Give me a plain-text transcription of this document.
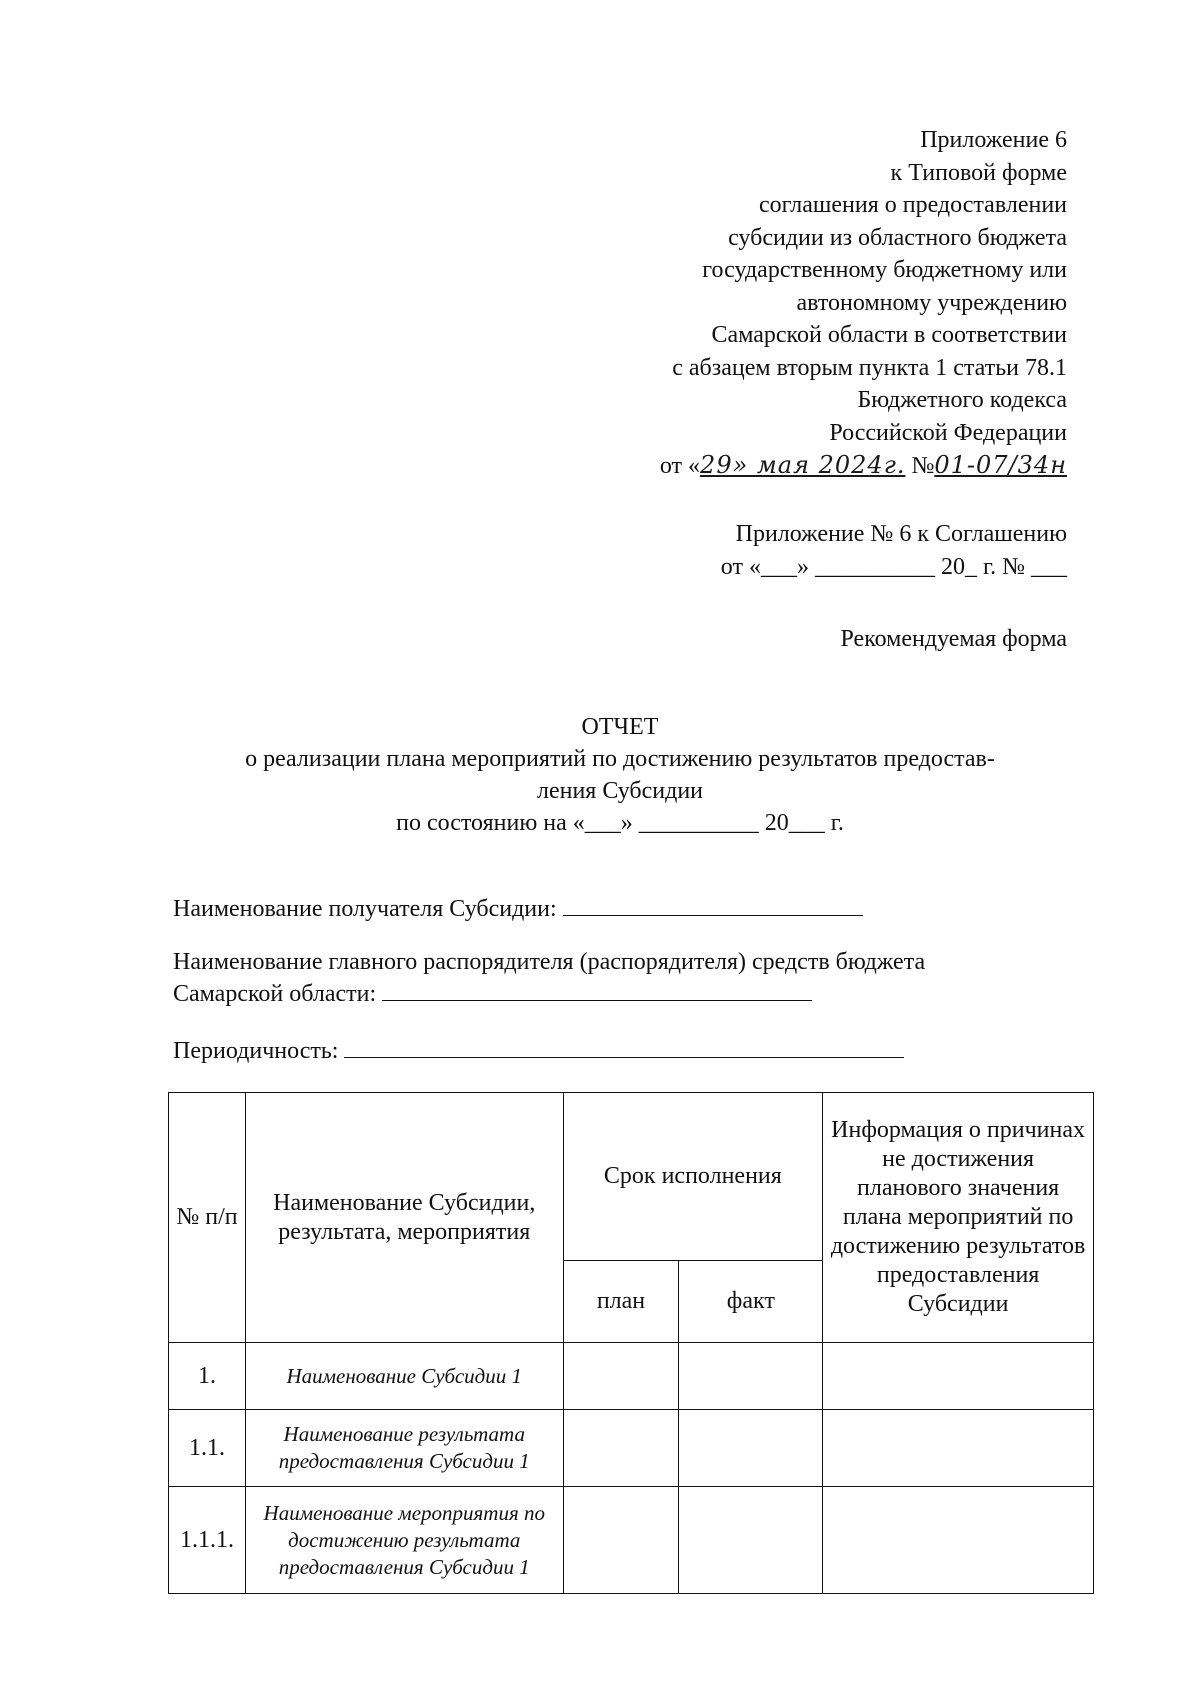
Приложение 6
к Типовой форме
соглашения о предоставлении
субсидии из областного бюджета
государственному бюджетному или
автономному учреждению
Самарской области в соответствии
с абзацем вторым пункта 1 статьи 78.1
Бюджетного кодекса
Российской Федерации
от «29» мая 2024г. №01-07/34н
Приложение № 6 к Соглашению
от «___» __________ 20_ г. № ___
Рекомендуемая форма
ОТЧЕТ
о реализации плана мероприятий по достижению результатов предостав-
ления Субсидии
по состоянию на «___» __________ 20___ г.
Наименование получателя Субсидии:
Наименование главного распорядителя (распорядителя) средств бюджета
Самарской области:
Периодичность:
№ п/п	Наименование Субсидии, результата, мероприятия	Срок исполнения		Информация о причинах не достижения планового значения плана мероприятий по достижению результатов предоставления Субсидии
		план	факт	
1.	Наименование Субсидии 1			
1.1.	Наименование результата предоставления Субсидии 1			
1.1.1.	Наименование мероприятия по достижению результата предоставления Субсидии 1			
